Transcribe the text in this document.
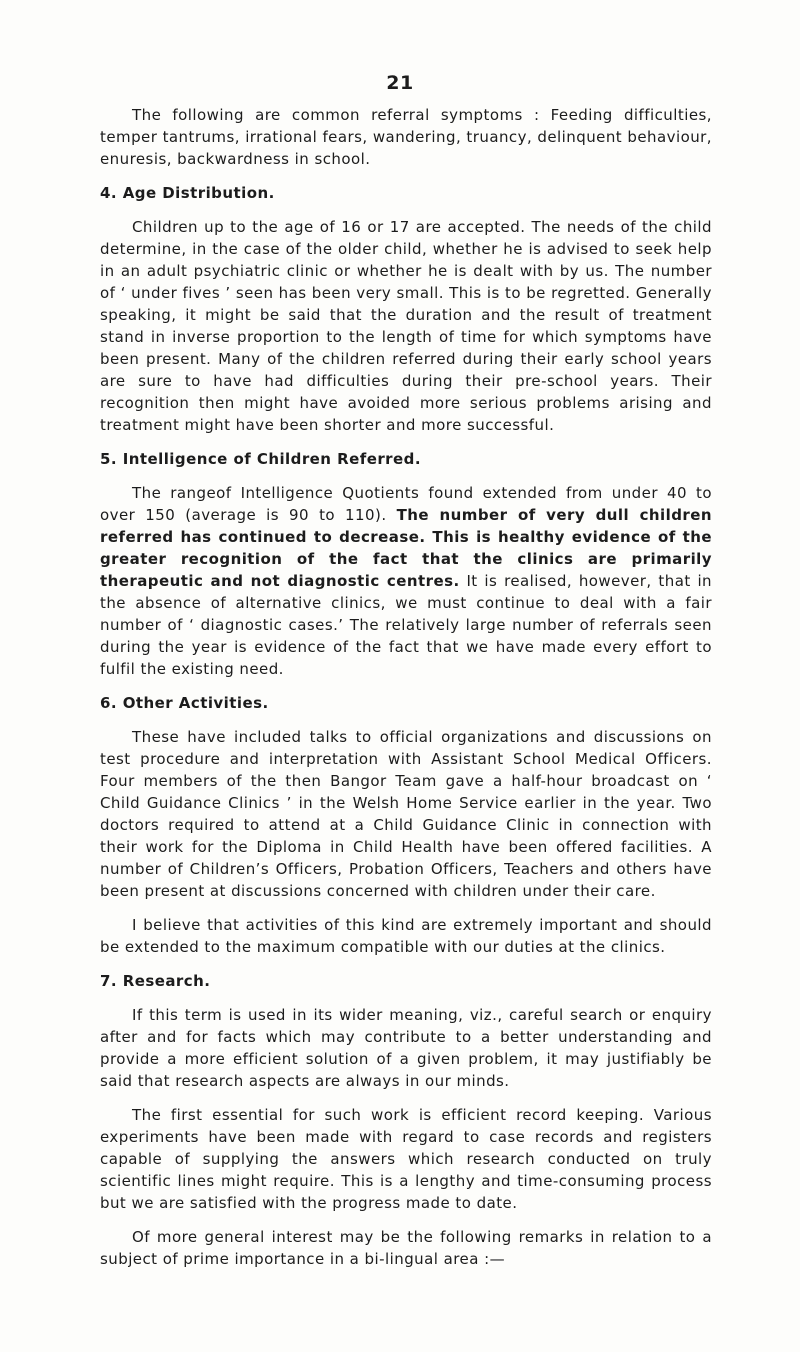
21

The following are common referral symptoms : Feeding difficulties, temper tantrums, irrational fears, wandering, truancy, delinquent behaviour, enuresis, backwardness in school.

4. Age Distribution.

Children up to the age of 16 or 17 are accepted. The needs of the child determine, in the case of the older child, whether he is advised to seek help in an adult psychiatric clinic or whether he is dealt with by us. The number of ‘ under fives ’ seen has been very small. This is to be regretted. Generally speaking, it might be said that the duration and the result of treatment stand in inverse proportion to the length of time for which symptoms have been present. Many of the children referred during their early school years are sure to have had difficulties during their pre-school years. Their recognition then might have avoided more serious problems arising and treatment might have been shorter and more successful.

5. Intelligence of Children Referred.

The rangeof Intelligence Quotients found extended from under 40 to over 150 (average is 90 to 110). The number of very dull children referred has continued to decrease. This is healthy evidence of the greater recognition of the fact that the clinics are primarily therapeutic and not diagnostic centres. It is realised, however, that in the absence of alternative clinics, we must continue to deal with a fair number of ‘ diagnostic cases.’ The relatively large number of referrals seen during the year is evidence of the fact that we have made every effort to fulfil the existing need.

6. Other Activities.

These have included talks to official organizations and discussions on test procedure and interpretation with Assistant School Medical Officers. Four members of the then Bangor Team gave a half-hour broadcast on ‘ Child Guidance Clinics ’ in the Welsh Home Service earlier in the year. Two doctors required to attend at a Child Guidance Clinic in connection with their work for the Diploma in Child Health have been offered facilities. A number of Children’s Officers, Probation Officers, Teachers and others have been present at discussions concerned with children under their care.

I believe that activities of this kind are extremely important and should be extended to the maximum compatible with our duties at the clinics.

7. Research.

If this term is used in its wider meaning, viz., careful search or enquiry after and for facts which may contribute to a better understanding and provide a more efficient solution of a given problem, it may justifiably be said that research aspects are always in our minds.

The first essential for such work is efficient record keeping. Various experiments have been made with regard to case records and registers capable of supplying the answers which research conducted on truly scientific lines might require. This is a lengthy and time-consuming process but we are satisfied with the progress made to date.

Of more general interest may be the following remarks in relation to a subject of prime importance in a bi-lingual area :—
